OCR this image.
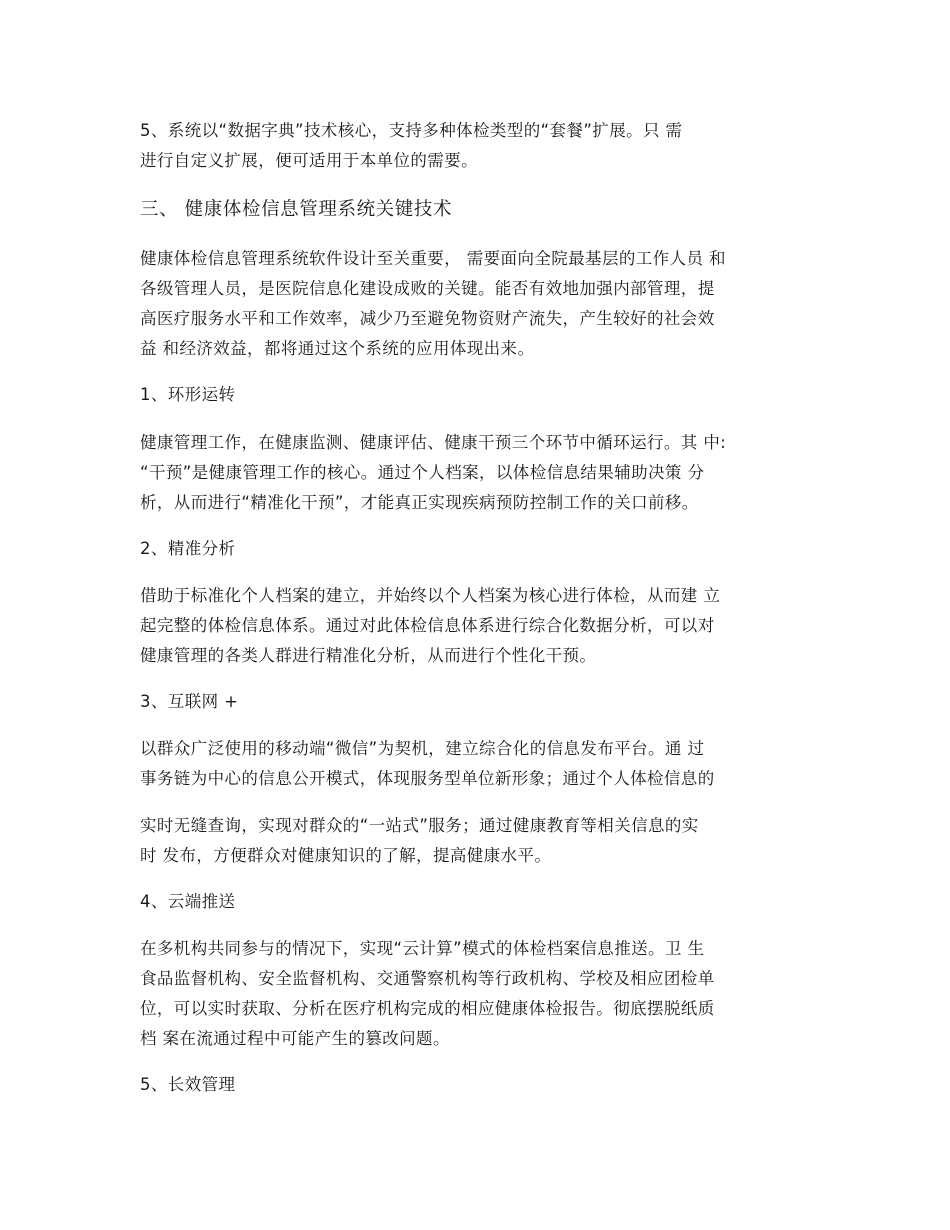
5、系统以“数据字典”技术核心，支持多种体检类型的“套餐”扩展。只 需
进行自定义扩展，便可适用于本单位的需要。
三、 健康体检信息管理系统关键技术
健康体检信息管理系统软件设计至关重要， 需要面向全院最基层的工作人员 和
各级管理人员，是医院信息化建设成败的关键。能否有效地加强内部管理，提
高医疗服务水平和工作效率，减少乃至避免物资财产流失，产生较好的社会效
益 和经济效益，都将通过这个系统的应用体现出来。
1、环形运转
健康管理工作，在健康监测、健康评估、健康干预三个环节中循环运行。其 中:
“干预”是健康管理工作的核心。通过个人档案，以体检信息结果辅助决策 分
析，从而进行“精准化干预”，才能真正实现疾病预防控制工作的关口前移。
2、精准分析
借助于标准化个人档案的建立，并始终以个人档案为核心进行体检，从而建 立
起完整的体检信息体系。通过对此体检信息体系进行综合化数据分析，可以对
健康管理的各类人群进行精准化分析，从而进行个性化干预。
3、互联网 +
以群众广泛使用的移动端“微信”为契机，建立综合化的信息发布平台。通 过
事务链为中心的信息公开模式，体现服务型单位新形象；通过个人体检信息的
实时无缝查询，实现对群众的“一站式”服务；通过健康教育等相关信息的实
时 发布，方便群众对健康知识的了解，提高健康水平。
4、云端推送
在多机构共同参与的情况下，实现“云计算”模式的体检档案信息推送。卫 生
食品监督机构、安全监督机构、交通警察机构等行政机构、学校及相应团检单
位，可以实时获取、分析在医疗机构完成的相应健康体检报告。彻底摆脱纸质
档 案在流通过程中可能产生的篡改问题。
5、长效管理
